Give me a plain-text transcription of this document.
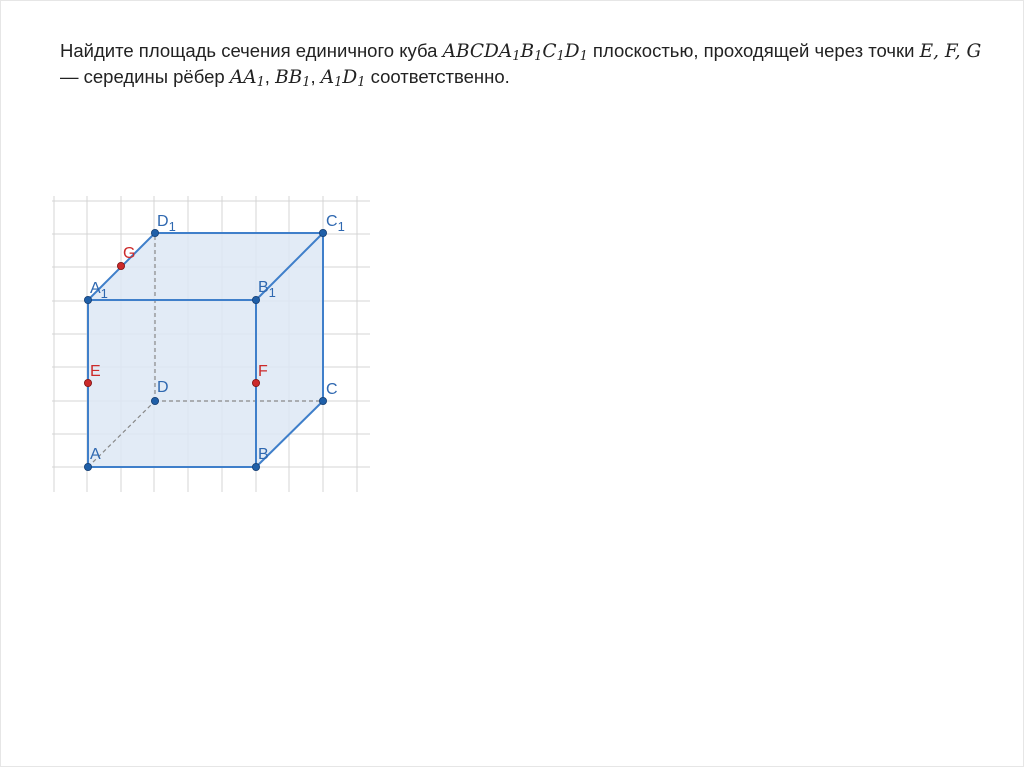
Найдите площадь сечения единичного куба $ABCDA_1B_1C_1D_1$ плоскостью, проходящей через точки E, F, G
— середины рёбер $AA_1$, $BB_1$, $A_1D_1$ соответственно.

A	B
C
D
$A_1$	$B_1$
$C_1$
$D_1$
E	F
G
